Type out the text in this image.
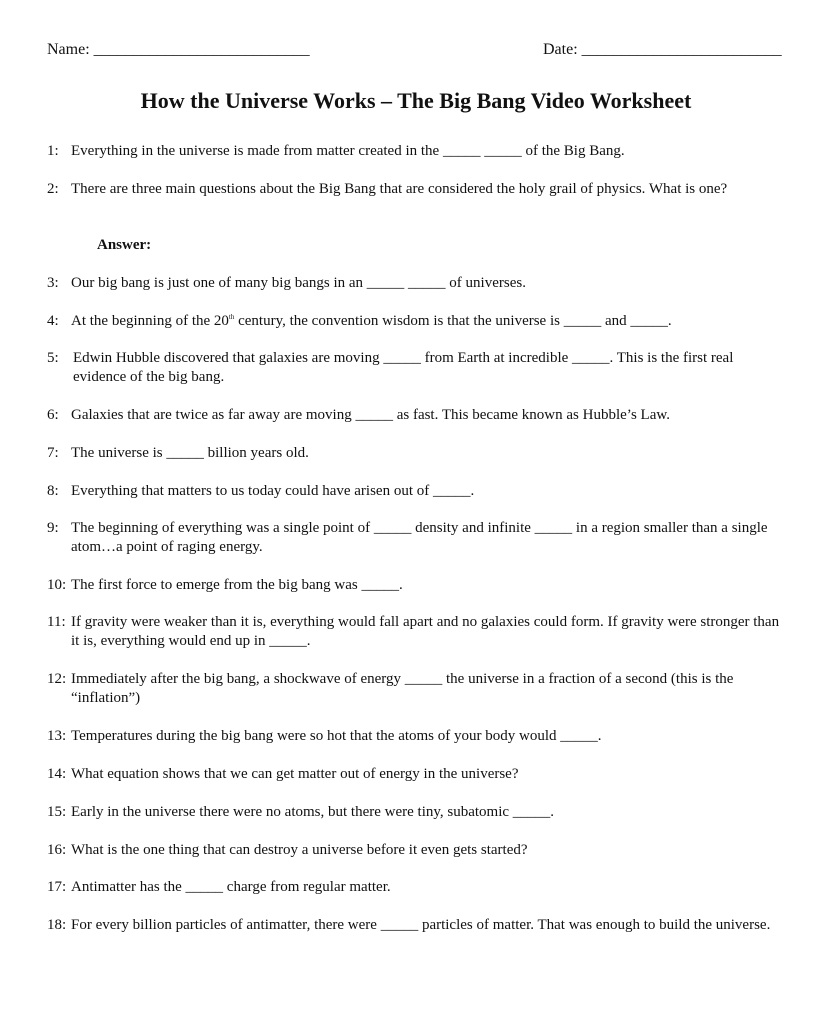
Name: ___________________________	Date: _________________________
How the Universe Works – The Big Bang Video Worksheet
1: Everything in the universe is made from matter created in the _____ _____ of the Big Bang.
2: There are three main questions about the Big Bang that are considered the holy grail of physics. What is one?
Answer:
3: Our big bang is just one of many big bangs in an _____ _____ of universes.
4: At the beginning of the 20th century, the convention wisdom is that the universe is _____ and _____.
5: Edwin Hubble discovered that galaxies are moving _____ from Earth at incredible _____. This is the first real evidence of the big bang.
6: Galaxies that are twice as far away are moving _____ as fast. This became known as Hubble’s Law.
7: The universe is _____ billion years old.
8: Everything that matters to us today could have arisen out of _____.
9: The beginning of everything was a single point of _____ density and infinite _____ in a region smaller than a single atom…a point of raging energy.
10: The first force to emerge from the big bang was _____.
11: If gravity were weaker than it is, everything would fall apart and no galaxies could form. If gravity were stronger than it is, everything would end up in _____.
12: Immediately after the big bang, a shockwave of energy _____ the universe in a fraction of a second (this is the “inflation”)
13: Temperatures during the big bang were so hot that the atoms of your body would _____.
14: What equation shows that we can get matter out of energy in the universe?
15: Early in the universe there were no atoms, but there were tiny, subatomic _____.
16: What is the one thing that can destroy a universe before it even gets started?
17: Antimatter has the _____ charge from regular matter.
18: For every billion particles of antimatter, there were _____ particles of matter. That was enough to build the universe.
